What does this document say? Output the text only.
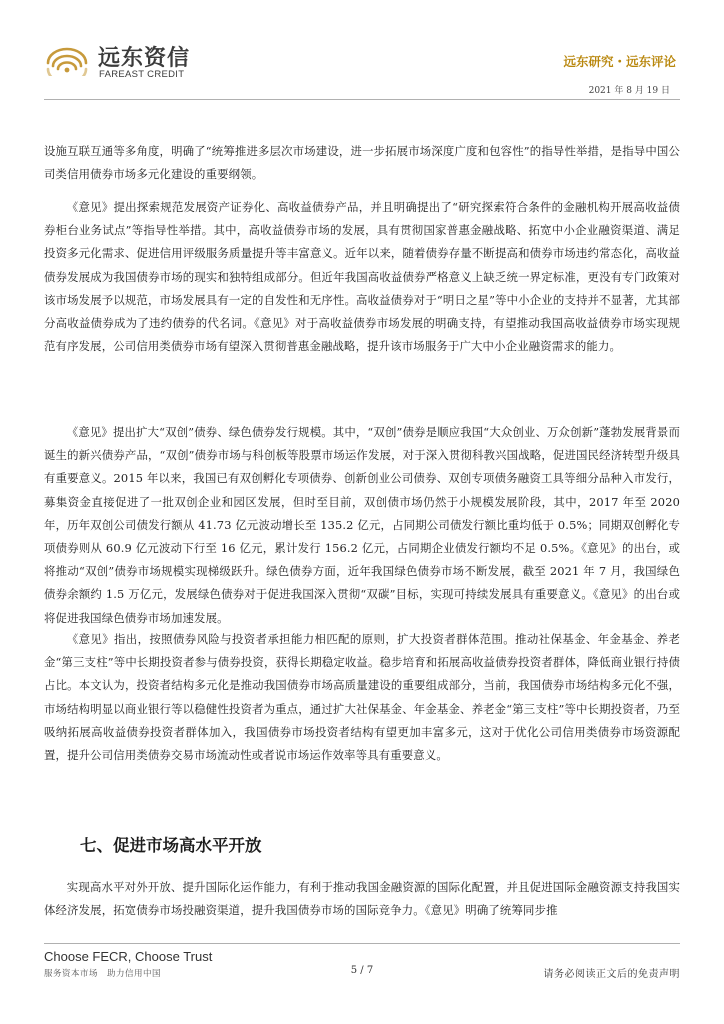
远东资信
FAREAST CREDIT
远东研究・远东评论
2021 年 8 月 19 日
设施互联互通等多角度，明确了“统筹推进多层次市场建设，进一步拓展市场深度广度和包容性”的指导性举措，是指导中国公司类信用债券市场多元化建设的重要纲领。
《意见》提出探索规范发展资产证券化、高收益债券产品，并且明确提出了“研究探索符合条件的金融机构开展高收益债券柜台业务试点”等指导性举措。其中，高收益债券市场的发展，具有贯彻国家普惠金融战略、拓宽中小企业融资渠道、满足投资多元化需求、促进信用评级服务质量提升等丰富意义。近年以来，随着债券存量不断提高和债券市场违约常态化，高收益债券发展成为我国债券市场的现实和独特组成部分。但近年我国高收益债券严格意义上缺乏统一界定标准，更没有专门政策对该市场发展予以规范，市场发展具有一定的自发性和无序性。高收益债券对于“明日之星”等中小企业的支持并不显著，尤其部分高收益债券成为了违约债券的代名词。《意见》对于高收益债券市场发展的明确支持，有望推动我国高收益债券市场实现规范有序发展，公司信用类债券市场有望深入贯彻普惠金融战略，提升该市场服务于广大中小企业融资需求的能力。
《意见》提出扩大“双创”债券、绿色债券发行规模。其中，“双创”债券是顺应我国“大众创业、万众创新”蓬勃发展背景而诞生的新兴债券产品，“双创”债券市场与科创板等股票市场运作发展，对于深入贯彻科教兴国战略，促进国民经济转型升级具有重要意义。2015 年以来，我国已有双创孵化专项债券、创新创业公司债券、双创专项债务融资工具等细分品种入市发行，募集资金直接促进了一批双创企业和园区发展，但时至目前，双创债市场仍然于小规模发展阶段，其中，2017 年至 2020 年，历年双创公司债发行额从 41.73 亿元波动增长至 135.2 亿元，占同期公司债发行额比重均低于 0.5%；同期双创孵化专项债券则从 60.9 亿元波动下行至 16 亿元，累计发行 156.2 亿元，占同期企业债发行额均不足 0.5%。《意见》的出台，或将推动“双创”债券市场规模实现梯级跃升。绿色债券方面，近年我国绿色债券市场不断发展，截至 2021 年 7 月，我国绿色债券余额约 1.5 万亿元，发展绿色债券对于促进我国深入贯彻“双碳”目标，实现可持续发展具有重要意义。《意见》的出台或将促进我国绿色债券市场加速发展。
《意见》指出，按照债券风险与投资者承担能力相匹配的原则，扩大投资者群体范围。推动社保基金、年金基金、养老金“第三支柱”等中长期投资者参与债券投资，获得长期稳定收益。稳步培育和拓展高收益债券投资者群体，降低商业银行持债占比。本文认为，投资者结构多元化是推动我国债券市场高质量建设的重要组成部分，当前，我国债券市场结构多元化不强，市场结构明显以商业银行等以稳健性投资者为重点，通过扩大社保基金、年金基金、养老金“第三支柱”等中长期投资者，乃至吸纳拓展高收益债券投资者群体加入，我国债券市场投资者结构有望更加丰富多元，这对于优化公司信用类债券市场资源配置，提升公司信用类债券交易市场流动性或者说市场运作效率等具有重要意义。
七、促进市场高水平开放
实现高水平对外开放、提升国际化运作能力，有利于推动我国金融资源的国际化配置，并且促进国际金融资源支持我国实体经济发展，拓宽债券市场投融资渠道，提升我国债券市场的国际竞争力。《意见》明确了统筹同步推
Choose FECR, Choose Trust
服务资本市场　助力信用中国	5 / 7	请务必阅读正文后的免责声明
